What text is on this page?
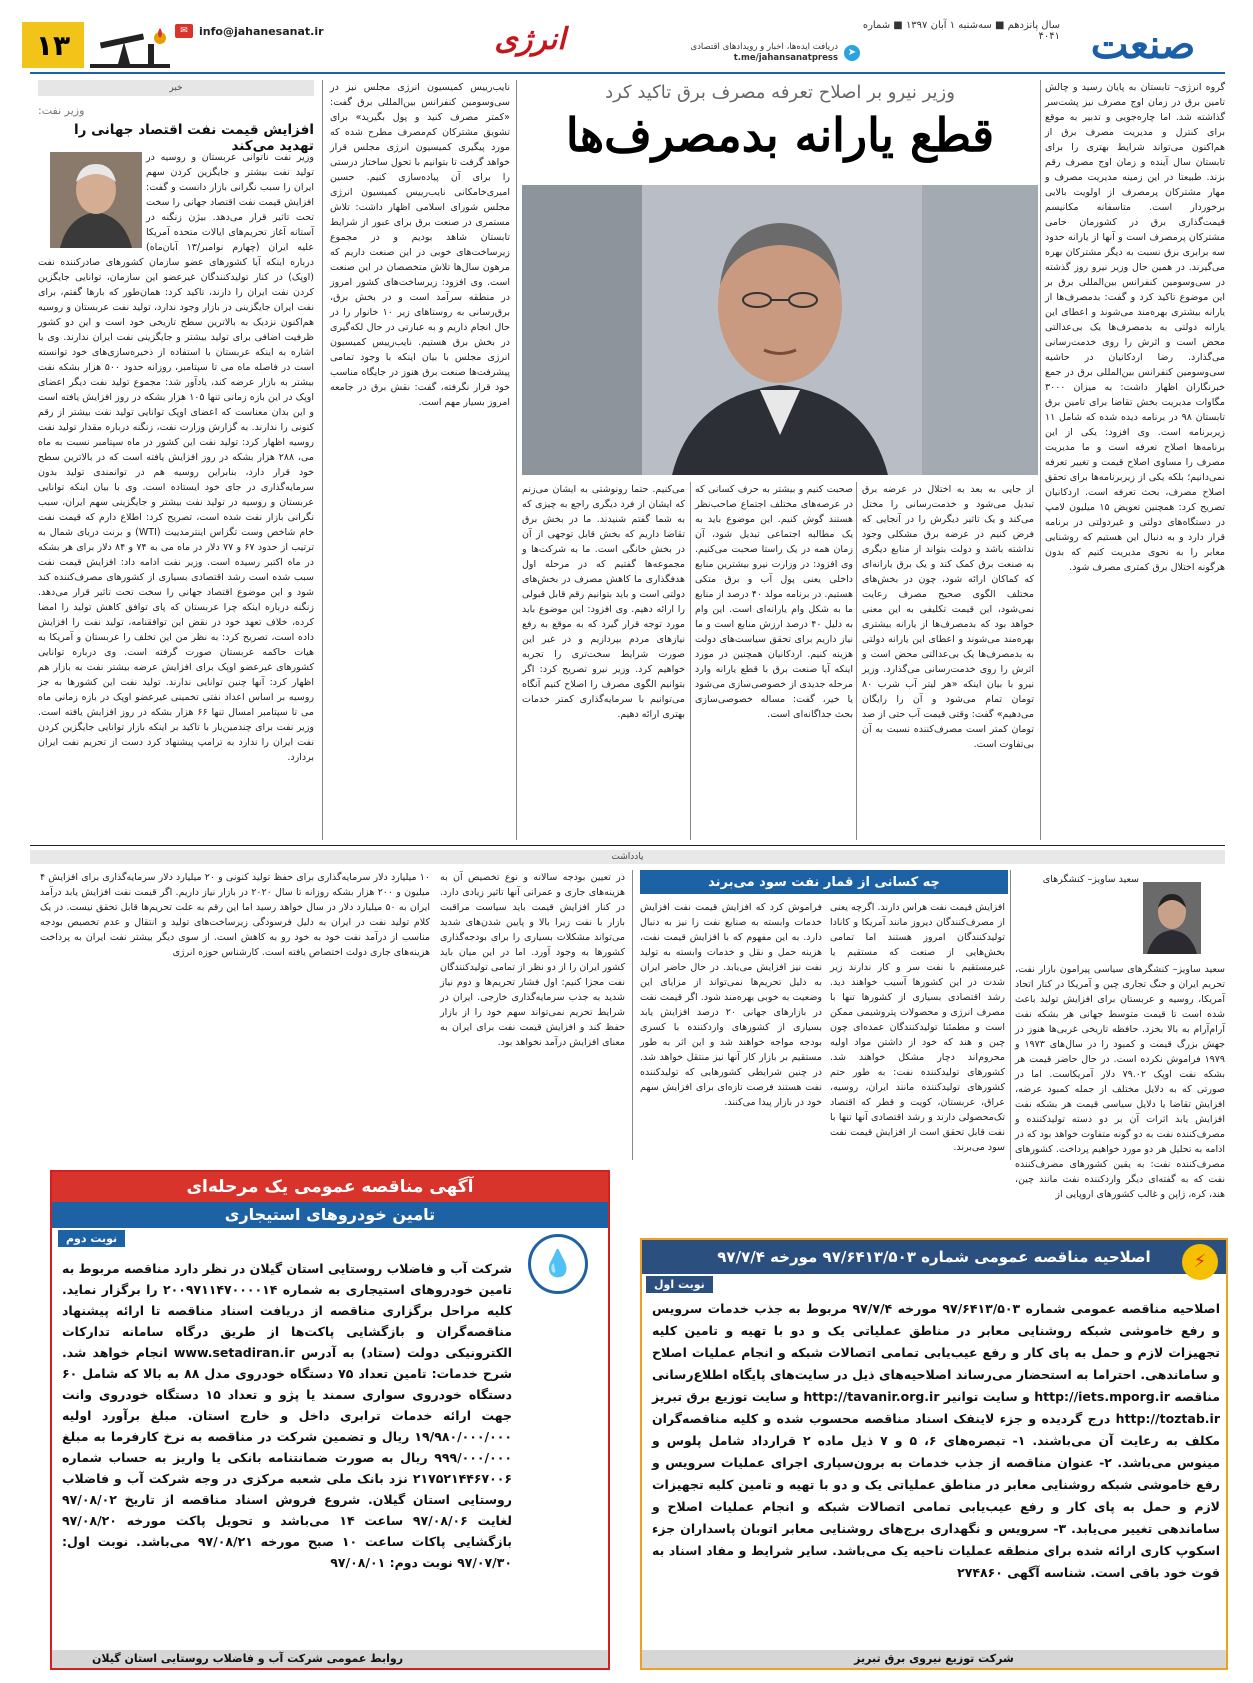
صنعت
سال پانزدهم ■ سه‌شنبه ۱ آبان ۱۳۹۷ ■ شماره ۴۰۴۱
➤
دریافت ایده‌ها، اخبار و رویدادهای اقتصادی
t.me/jahansanatpress
انرژی
info@jahanesanat.ir
✉
۱۳
وزیر نیرو بر اصلاح تعرفه مصرف برق تاکید کرد
قطع یارانه بدمصرف‌ها
گروه انرژی– تابستان به پایان رسید و چالش تامین برق در زمان اوج مصرف نیز پشت‌سر گذاشته شد. اما چاره‌جویی و تدبیر به موقع برای کنترل و مدیریت مصرف برق از هم‌اکنون می‌تواند شرایط بهتری را برای تابستان سال آینده و زمان اوج مصرف رقم بزند. طبیعتا در این زمینه مدیریت مصرف و مهار مشترکان پرمصرف از اولویت بالایی برخوردار است. متاسفانه مکانیسم قیمت‌گذاری برق در کشورمان حامی مشترکان پرمصرف است و آنها از یارانه حدود سه برابری برق نسبت به دیگر مشترکان بهره می‌گیرند. در همین حال وزیر نیرو روز گذشته در سی‌وسومین کنفرانس بین‌المللی برق بر این موضوع تاکید کرد و گفت: بدمصرف‌ها از یارانه بیشتری بهره‌مند می‌شوند و اعطای این یارانه دولتی به بدمصرف‌ها یک بی‌عدالتی محض است و اثرش را روی خدمت‌رسانی می‌گذارد. رضا اردکانیان در حاشیه سی‌وسومین کنفرانس بین‌المللی برق در جمع خبرنگاران اظهار داشت: به میزان ۳۰۰۰ مگاوات مدیریت بخش تقاضا برای تامین برق تابستان ۹۸ در برنامه دیده شده که شامل ۱۱ زیربرنامه است. وی افزود: یکی از این برنامه‌ها اصلاح تعرفه است و ما مدیریت مصرف را مساوی اصلاح قیمت و تغییر تعرفه نمی‌دانیم؛ بلکه یکی از زیربرنامه‌ها برای تحقق اصلاح مصرف، بحث تعرفه است. اردکانیان تصریح کرد: همچنین تعویض ۱۵ میلیون لامپ در دستگاه‌های دولتی و غیردولتی در برنامه قرار دارد و به دنبال این هستیم که روشنایی معابر را به نحوی مدیریت کنیم که بدون هرگونه اختلال برق کمتری مصرف شود.
از جایی به بعد به اختلال در عرضه برق تبدیل می‌شود و خدمت‌رسانی را مختل می‌کند و یک تاثیر دیگرش را در آنجایی که فرض کنیم در عرضه برق مشکلی وجود نداشته باشد و دولت بتواند از منابع دیگری به صنعت برق کمک کند و یک برق یارانه‌ای که کماکان ارائه شود، چون در بخش‌های مختلف الگوی صحیح مصرف رعایت نمی‌شود، این قیمت تکلیفی به این معنی خواهد بود که بدمصرف‌ها از یارانه بیشتری بهره‌مند می‌شوند و اعطای این یارانه دولتی به بدمصرف‌ها یک بی‌عدالتی محض است و اثرش را روی خدمت‌رسانی می‌گذارد. وزیر نیرو با بیان اینکه «هر لیتر آب شرب ۸۰ تومان تمام می‌شود و آن را رایگان می‌دهیم» گفت: وقتی قیمت آب حتی از صد تومان کمتر است مصرف‌کننده نسبت به آن بی‌تفاوت است.
صحبت کنیم و بیشتر به حرف کسانی که در عرصه‌های مختلف اجتماع صاحب‌نظر هستند گوش کنیم. این موضوع باید به یک مطالبه اجتماعی تبدیل شود، آن زمان همه در یک راستا صحبت می‌کنیم. وی افزود: در وزارت نیرو بیشترین منابع داخلی یعنی پول آب و برق متکی هستیم. در برنامه مولد ۴۰ درصد از منابع ما به شکل وام یارانه‌ای است. این وام به دلیل ۴۰ درصد ارزش منابع است و ما نیاز داریم برای تحقق سیاست‌های دولت هزینه کنیم. اردکانیان همچنین در مورد اینکه آیا صنعت برق با قطع یارانه وارد مرحله جدیدی از خصوصی‌سازی می‌شود یا خیر، گفت: مساله خصوصی‌سازی بحث جداگانه‌ای است.
می‌کنیم. حتما رونوشتی به ایشان می‌زنم که ایشان از فرد دیگری راجع به چیزی که به شما گفتم شنیدند. ما در بخش برق تقاضا داریم که بخش قابل توجهی از آن در بخش خانگی است. ما به شرکت‌ها و مجموعه‌ها گفتیم که در مرحله اول هدفگذاری ما کاهش مصرف در بخش‌های دولتی است و باید بتوانیم رقم قابل قبولی را ارائه دهیم. وی افزود: این موضوع باید مورد توجه قرار گیرد که به موقع به رفع نیازهای مردم بپردازیم و در غیر این صورت شرایط سخت‌تری را تجربه خواهیم کرد. وزیر نیرو تصریح کرد: اگر بتوانیم الگوی مصرف را اصلاح کنیم آنگاه می‌توانیم با سرمایه‌گذاری کمتر خدمات بهتری ارائه دهیم.
نایب‌رییس کمیسیون انرژی مجلس نیز در سی‌وسومین کنفرانس بین‌المللی برق گفت: «کمتر مصرف کنید و پول بگیرید» برای تشویق مشترکان کم‌مصرف مطرح شده که مورد پیگیری کمیسیون انرژی مجلس قرار خواهد گرفت تا بتوانیم با تحول ساختار درستی را برای آن پیاده‌سازی کنیم. حسین امیری‌خامکانی نایب‌رییس کمیسیون انرژی مجلس شورای اسلامی اظهار داشت: تلاش مستمری در صنعت برق برای عبور از شرایط تابستان شاهد بودیم و در مجموع زیرساخت‌های خوبی در این صنعت داریم که مرهون سال‌ها تلاش متخصصان در این صنعت است. وی افزود: زیرساخت‌های کشور امروز در منطقه سرآمد است و در بخش برق، برق‌رسانی به روستاهای زیر ۱۰ خانوار را در حال انجام داریم و به عبارتی در حال لکه‌گیری در بخش برق هستیم. نایب‌رییس کمیسیون انرژی مجلس با بیان اینکه با وجود تمامی پیشرفت‌ها صنعت برق هنوز در جایگاه مناسب خود قرار نگرفته، گفت: نقش برق در جامعه امروز بسیار مهم است.
خبر
وزیر نفت:
افزایش قیمت نفت اقتصاد جهانی را تهدید می‌کند
وزیر نفت ناتوانی عربستان و روسیه در تولید نفت بیشتر و جایگزین کردن سهم ایران را سبب نگرانی بازار دانست و گفت: افزایش قیمت نفت اقتصاد جهانی را سخت تحت تاثیر قرار می‌دهد. بیژن زنگنه در آستانه آغاز تحریم‌های ایالات متحده آمریکا علیه ایران (چهارم نوامبر/۱۳ آبان‌ماه) درباره اینکه آیا کشورهای عضو سازمان کشورهای صادرکننده نفت (اوپک) در کنار تولیدکنندگان غیرعضو این سازمان، توانایی جایگزین کردن نفت ایران را دارند، تاکید کرد: همان‌طور که بارها گفتم، برای نفت ایران جایگزینی در بازار وجود ندارد، تولید نفت عربستان و روسیه هم‌اکنون نزدیک به بالاترین سطح تاریخی خود است و این دو کشور ظرفیت اضافی برای تولید بیشتر و جایگزینی نفت ایران ندارند. وی با اشاره به اینکه عربستان با استفاده از ذخیره‌سازی‌های خود توانسته است در فاصله ماه می تا سپتامبر، روزانه حدود ۵۰۰ هزار بشکه نفت بیشتر به بازار عرضه کند، یادآور شد: مجموع تولید نفت دیگر اعضای اوپک در این بازه زمانی تنها ۱۰۵ هزار بشکه در روز افزایش یافته است و این بدان معناست که اعضای اوپک توانایی تولید نفت بیشتر از رقم کنونی را ندارند. به گزارش وزارت نفت، زنگنه درباره مقدار تولید نفت روسیه اظهار کرد: تولید نفت این کشور در ماه سپتامبر نسبت به ماه می، ۲۸۸ هزار بشکه در روز افزایش یافته است که در بالاترین سطح خود قرار دارد، بنابراین روسیه هم در توانمندی تولید بدون سرمایه‌گذاری در جای خود ایستاده است. وی با بیان اینکه توانایی عربستان و روسیه در تولید نفت بیشتر و جایگزینی سهم ایران، سبب نگرانی بازار نفت شده است، تصریح کرد: اطلاع دارم که قیمت نفت خام شاخص وست تگزاس اینترمدییت (WTI) و برنت دریای شمال به ترتیب از حدود ۶۷ و ۷۷ دلار در ماه می به ۷۴ و ۸۴ دلار برای هر بشکه در ماه اکتبر رسیده است. وزیر نفت ادامه داد: افزایش قیمت نفت سبب شده است رشد اقتصادی بسیاری از کشورهای مصرف‌کننده کند شود و این موضوع اقتصاد جهانی را سخت تحت تاثیر قرار می‌دهد. زنگنه درباره اینکه چرا عربستان که پای توافق کاهش تولید را امضا کرده، خلاف تعهد خود در نقض این توافقنامه، تولید نفت را افزایش داده است، تصریح کرد: به نظر من این تخلف را عربستان و آمریکا به هیات حاکمه عربستان صورت گرفته است. وی درباره توانایی کشورهای غیرعضو اوپک برای افزایش عرضه بیشتر نفت به بازار هم اظهار کرد: آنها چنین توانایی ندارند. تولید نفت این کشورها به جز روسیه بر اساس اعداد نفتی تخمینی غیرعضو اوپک در بازه زمانی ماه می تا سپتامبر امسال تنها ۶۶ هزار بشکه در روز افزایش یافته است. وزیر نفت برای چندمین‌بار با تاکید بر اینکه بازار توانایی جایگزین کردن نفت ایران را ندارد به ترامپ پیشنهاد کرد دست از تحریم نفت ایران بردارد.
یادداشت
چه کسانی از قمار نفت سود می‌برند	سعید ساویز– کنشگر‌های
سعید ساویز– کنشگرهای سیاسی پیرامون بازار نفت، تحریم ایران و جنگ تجاری چین و آمریکا در کنار اتحاد آمریکا، روسیه و عربستان برای افزایش تولید باعث شده است تا قیمت متوسط جهانی هر بشکه نفت آرام‌آرام به بالا بخزد. حافظه تاریخی غربی‌ها هنوز در جهش بزرگ قیمت و کمبود را در سال‌های ۱۹۷۳ و ۱۹۷۹ فراموش نکرده است. در حال حاضر قیمت هر بشکه نفت اوپک ۷۹.۰۲ دلار آمریکاست. اما در صورتی که به دلایل مختلف از جمله کمبود عرضه، افزایش تقاضا یا دلایل سیاسی قیمت هر بشکه نفت افزایش یابد اثرات آن بر دو دسته تولیدکننده و مصرف‌کننده نفت به دو گونه متفاوت خواهد بود که در ادامه به تحلیل هر دو مورد خواهیم پرداخت. کشورهای مصرف‌کننده نفت: به یقین کشورهای مصرف‌کننده نفت که به گفته‌ای دیگر واردکننده نفت مانند چین، هند، کره، ژاپن و غالب کشورهای اروپایی از
افزایش قیمت نفت هراس دارند. اگرچه یعنی از مصرف‌کنندگان دیروز مانند آمریکا و کانادا تولیدکنندگان امروز هستند اما تمامی بخش‌هایی از صنعت که مستقیم یا غیرمستقیم با نفت سر و کار ندارند زیر شدت در این کشورها آسیب خواهند دید. رشد اقتصادی بسیاری از کشورها تنها با مصرف انرژی و محصولات پتروشیمی ممکن است و مطمئنا تولیدکنندگان عمده‌ای چون چین و هند که خود از داشتن مواد اولیه محروم‌اند دچار مشکل خواهند شد. کشورهای تولیدکننده نفت: به طور حتم کشورهای تولیدکننده مانند ایران، روسیه، عراق، عربستان، کویت و قطر که اقتصاد تک‌محصولی دارند و رشد اقتصادی آنها تنها با نفت قابل تحقق است از افزایش قیمت نفت سود می‌برند.
فراموش کرد که افزایش قیمت نفت افزایش خدمات وابسته به صنایع نفت را نیز به دنبال دارد. به این مفهوم که با افزایش قیمت نفت، هزینه حمل و نقل و خدمات وابسته به تولید نفت نیز افزایش می‌یابد. در حال حاضر ایران به دلیل تحریم‌ها نمی‌تواند از مزایای این وضعیت به خوبی بهره‌مند شود. اگر قیمت نفت در بازارهای جهانی ۲۰ درصد افزایش یابد بسیاری از کشورهای واردکننده با کسری بودجه مواجه خواهند شد و این اثر به طور مستقیم بر بازار کار آنها نیز منتقل خواهد شد. در چنین شرایطی کشورهایی که تولیدکننده نفت هستند فرصت تازه‌ای برای افزایش سهم خود در بازار پیدا می‌کنند.
در تعیین بودجه سالانه و نوع تخصیص آن به هزینه‌های جاری و عمرانی آنها تاثیر زیادی دارد. در کنار افزایش قیمت باید سیاست مراقبت بازار با نفت زیرا بالا و پایین شدن‌های شدید می‌تواند مشکلات بسیاری را برای بودجه‌گذاری کشورها به وجود آورد. اما در این میان باید کشور ایران را از دو نظر از تمامی تولیدکنندگان نفت مجزا کنیم: اول فشار تحریم‌ها و دوم نیاز شدید به جذب سرمایه‌گذاری خارجی. ایران در شرایط تحریم نمی‌تواند سهم خود را از بازار حفظ کند و افزایش قیمت نفت برای ایران به معنای افزایش درآمد نخواهد بود.
۱۰ میلیارد دلار سرمایه‌گذاری برای حفظ تولید کنونی و ۲۰ میلیارد دلار سرمایه‌گذاری برای افزایش ۴ میلیون و ۲۰۰ هزار بشکه روزانه تا سال ۲۰۲۰ در بازار نیاز داریم. اگر قیمت نفت افزایش یابد درآمد ایران به ۵۰ میلیارد دلار در سال خواهد رسید اما این رقم به علت تحریم‌ها قابل تحقق نیست. در یک کلام تولید نفت در ایران به دلیل فرسودگی زیرساخت‌های تولید و انتقال و عدم تخصیص بودجه مناسب از درآمد نفت خود به خود رو به کاهش است. از سوی دیگر بیشتر نفت ایران به پرداخت هزینه‌های جاری دولت اختصاص یافته است. کارشناس حوزه انرژی
آگهی مناقصه عمومی یک مرحله‌ای
تامین خودروهای استیجاری
نوبت دوم
💧
شرکت آب و فاضلاب روستایی استان گیلان در نظر دارد مناقصه مربوط به تامین خودروهای استیجاری به شماره ۲۰۰۹۷۱۱۴۷۰۰۰۰۱۴ را برگزار نماید. کلیه مراحل برگزاری مناقصه از دریافت اسناد مناقصه تا ارائه پیشنهاد مناقصه‌گران و بازگشایی پاکت‌ها از طریق درگاه سامانه تدارکات الکترونیکی دولت (ستاد) به آدرس www.setadiran.ir انجام خواهد شد. شرح خدمات: تامین تعداد ۷۵ دستگاه خودروی مدل ۸۸ به بالا که شامل ۶۰ دستگاه خودروی سواری سمند یا پژو و تعداد ۱۵ دستگاه خودروی وانت جهت ارائه خدمات ترابری داخل و خارج استان. مبلغ برآورد اولیه ۱۹/۹۸۰/۰۰۰/۰۰۰ ریال و تضمین شرکت در مناقصه به نرخ کارفرما به مبلغ ۹۹۹/۰۰۰/۰۰۰ ریال به صورت ضمانتنامه بانکی یا واریز به حساب شماره ۲۱۷۵۲۱۴۴۶۷۰۰۶ نزد بانک ملی شعبه مرکزی در وجه شرکت آب و فاضلاب روستایی استان گیلان. شروع فروش اسناد مناقصه از تاریخ ۹۷/۰۸/۰۲ لغایت ۹۷/۰۸/۰۶ ساعت ۱۴ می‌باشد و تحویل پاکت مورخه ۹۷/۰۸/۲۰ بازگشایی پاکات ساعت ۱۰ صبح مورخه ۹۷/۰۸/۲۱ می‌باشد. نوبت اول: ۹۷/۰۷/۳۰ نوبت دوم: ۹۷/۰۸/۰۱
روابط عمومی شرکت آب و فاضلاب روستایی استان گیلان
اصلاحیه مناقصه عمومی شماره ۹۷/۶۴۱۳/۵۰۳ مورخه ۹۷/۷/۴	⚡
نوبت اول
اصلاحیه مناقصه عمومی شماره ۹۷/۶۴۱۳/۵۰۳ مورخه ۹۷/۷/۴ مربوط به جذب خدمات سرویس و رفع خاموشی شبکه روشنایی معابر در مناطق عملیاتی یک و دو با تهیه و تامین کلیه تجهیزات لازم و حمل به پای کار و رفع عیب‌یابی تمامی اتصالات شبکه و انجام عملیات اصلاح و ساماندهی. احتراما به استحضار می‌رساند اصلاحیه‌های ذیل در سایت‌های پایگاه اطلاع‌رسانی مناقصه http://iets.mporg.ir و سایت توانیر http://tavanir.org.ir و سایت توزیع برق تبریز http://toztab.ir درج گردیده و جزء لاینفک اسناد مناقصه محسوب شده و کلیه مناقصه‌گران مکلف به رعایت آن می‌باشند. ۱- تبصره‌های ۶، ۵ و ۷ ذیل ماده ۲ قرارداد شامل پلوس و مینوس می‌باشد. ۲- عنوان مناقصه از جذب خدمات به برون‌سپاری اجرای عملیات سرویس و رفع خاموشی شبکه روشنایی معابر در مناطق عملیاتی یک و دو با تهیه و تامین کلیه تجهیزات لازم و حمل به پای کار و رفع عیب‌یابی تمامی اتصالات شبکه و انجام عملیات اصلاح و ساماندهی تغییر می‌یابد. ۳- سرویس و نگهداری برج‌های روشنایی معابر اتوبان پاسداران جزء اسکوپ کاری ارائه شده برای منطقه عملیات ناحیه یک می‌باشد. سایر شرایط و مفاد اسناد به قوت خود باقی است. شناسه آگهی ۲۷۴۸۶۰
شرکت توزیع نیروی برق تبریز
